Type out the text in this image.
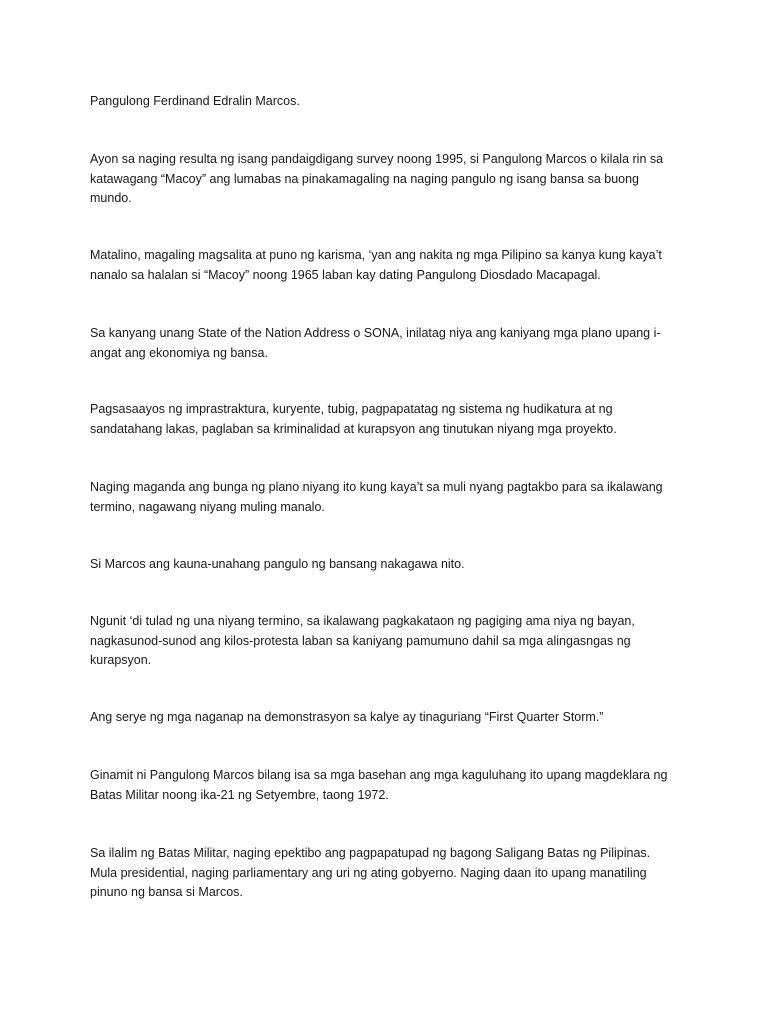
Pangulong Ferdinand Edralin Marcos.

Ayon sa naging resulta ng isang pandaigdigang survey noong 1995, si Pangulong Marcos o kilala rin sa katawagang “Macoy” ang lumabas na pinakamagaling na naging pangulo ng isang bansa sa buong mundo.

Matalino, magaling magsalita at puno ng karisma, ‘yan ang nakita ng mga Pilipino sa kanya kung kaya’t nanalo sa halalan si “Macoy” noong 1965 laban kay dating Pangulong Diosdado Macapagal.

Sa kanyang unang State of the Nation Address o SONA, inilatag niya ang kaniyang mga plano upang i-angat ang ekonomiya ng bansa.

Pagsasaayos ng imprastraktura, kuryente, tubig, pagpapatatag ng sistema ng hudikatura at ng sandatahang lakas, paglaban sa kriminalidad at kurapsyon ang tinutukan niyang mga proyekto.

Naging maganda ang bunga ng plano niyang ito kung kaya’t sa muli nyang pagtakbo para sa ikalawang termino, nagawang niyang muling manalo.

Si Marcos ang kauna-unahang pangulo ng bansang nakagawa nito.

Ngunit ‘di tulad ng una niyang termino, sa ikalawang pagkakataon ng pagiging ama niya ng bayan, nagkasunod-sunod ang kilos-protesta laban sa kaniyang pamumuno dahil sa mga alingasngas ng kurapsyon.

Ang serye ng mga naganap na demonstrasyon sa kalye ay tinaguriang “First Quarter Storm.”

Ginamit ni Pangulong Marcos bilang isa sa mga basehan ang mga kaguluhang ito upang magdeklara ng Batas Militar noong ika-21 ng Setyembre, taong 1972.

Sa ilalim ng Batas Militar, naging epektibo ang pagpapatupad ng bagong Saligang Batas ng Pilipinas. Mula presidential, naging parliamentary ang uri ng ating gobyerno. Naging daan ito upang manatiling pinuno ng bansa si Marcos.
